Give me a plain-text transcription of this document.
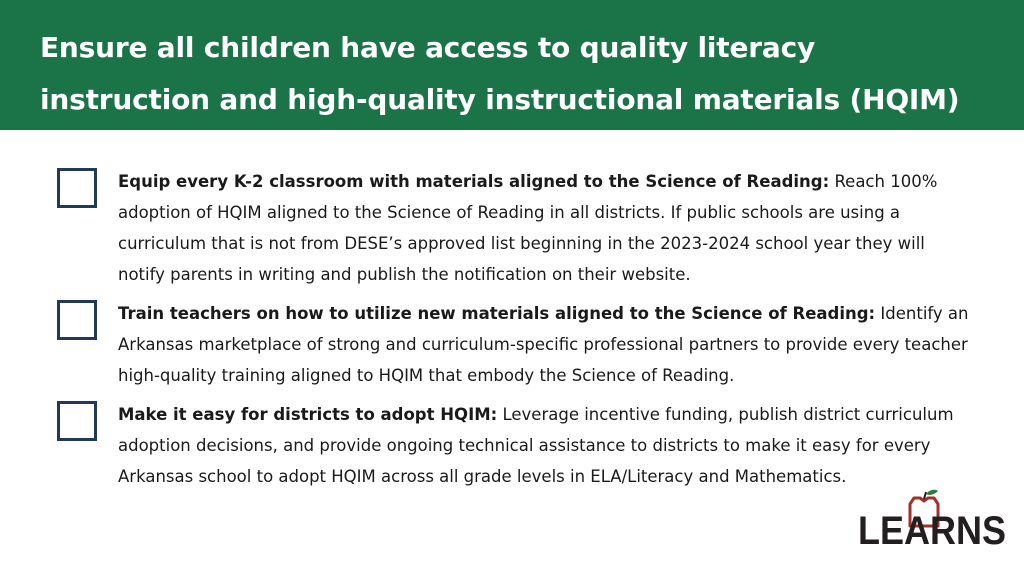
Ensure all children have access to quality literacy instruction and high-quality instructional materials (HQIM)

Equip every K-2 classroom with materials aligned to the Science of Reading: Reach 100% adoption of HQIM aligned to the Science of Reading in all districts. If public schools are using a curriculum that is not from DESE’s approved list beginning in the 2023-2024 school year they will notify parents in writing and publish the notification on their website.

Train teachers on how to utilize new materials aligned to the Science of Reading: Identify an Arkansas marketplace of strong and curriculum-specific professional partners to provide every teacher high-quality training aligned to HQIM that embody the Science of Reading.

Make it easy for districts to adopt HQIM: Leverage incentive funding, publish district curriculum adoption decisions, and provide ongoing technical assistance to districts to make it easy for every Arkansas school to adopt HQIM across all grade levels in ELA/Literacy and Mathematics.

LEARNS
